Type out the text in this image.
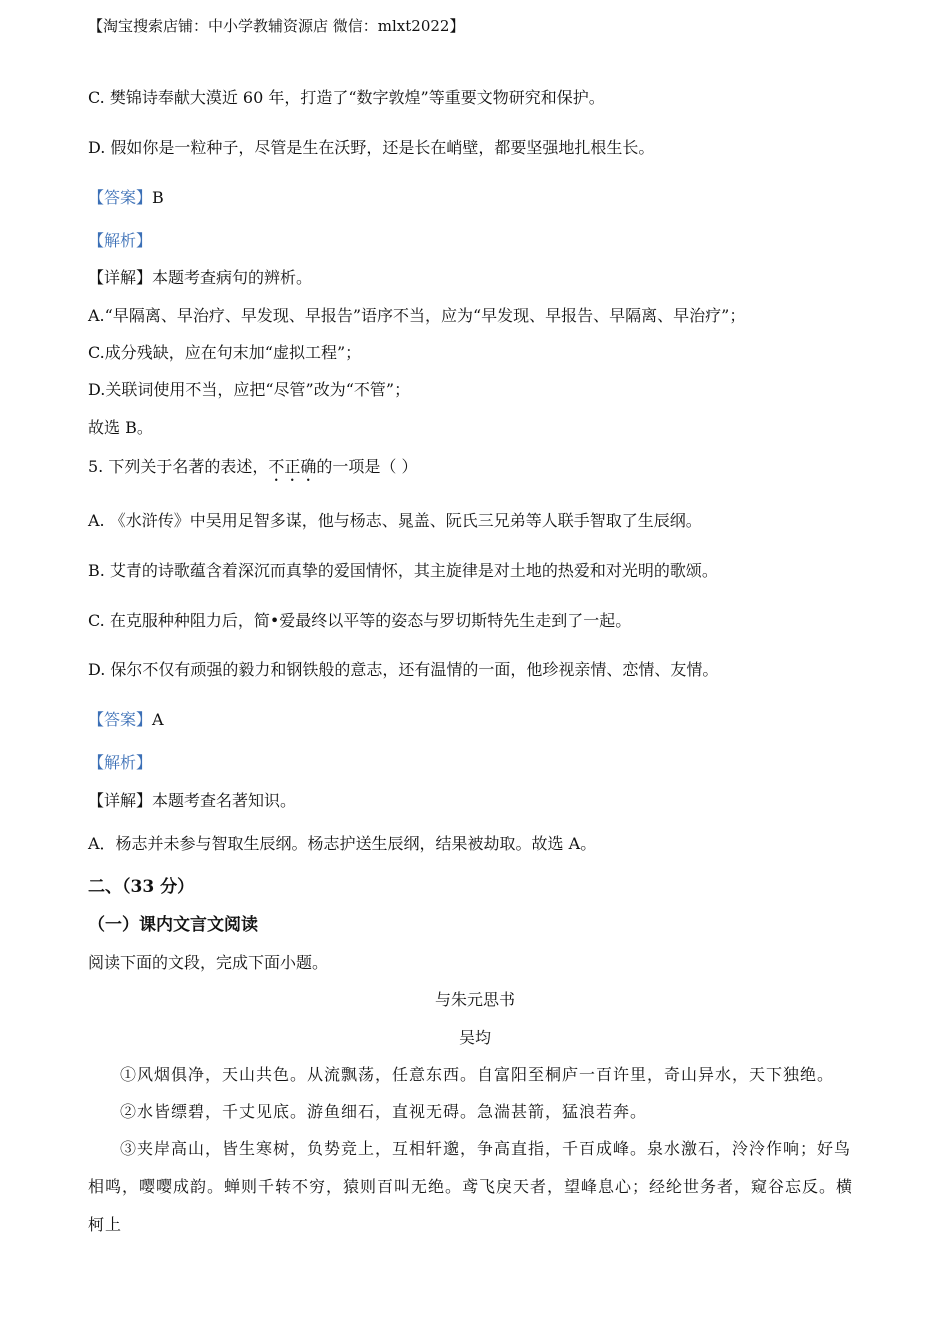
【淘宝搜索店铺：中小学教辅资源店 微信：mlxt2022】
C. 樊锦诗奉献大漠近 60 年，打造了“数字敦煌”等重要文物研究和保护。
D. 假如你是一粒种子，尽管是生在沃野，还是长在峭壁，都要坚强地扎根生长。
【答案】B
【解析】
【详解】本题考查病句的辨析。
A.“早隔离、早治疗、早发现、早报告”语序不当，应为“早发现、早报告、早隔离、早治疗”；
C.成分残缺，应在句末加“虚拟工程”；
D.关联词使用不当，应把“尽管”改为“不管”；
故选 B。
5. 下列关于名著的表述，不正确的一项是（ ）
A. 《水浒传》中吴用足智多谋，他与杨志、晁盖、阮氏三兄弟等人联手智取了生辰纲。
B. 艾青的诗歌蕴含着深沉而真挚的爱国情怀，其主旋律是对土地的热爱和对光明的歌颂。
C. 在克服种种阻力后，简•爱最终以平等的姿态与罗切斯特先生走到了一起。
D. 保尔不仅有顽强的毅力和钢铁般的意志，还有温情的一面，他珍视亲情、恋情、友情。
【答案】A
【解析】
【详解】本题考查名著知识。
A．杨志并未参与智取生辰纲。杨志护送生辰纲，结果被劫取。故选 A。
二、（33 分）
（一）课内文言文阅读
阅读下面的文段，完成下面小题。
与朱元思书
吴均
①风烟俱净，天山共色。从流飘荡，任意东西。自富阳至桐庐一百许里，奇山异水，天下独绝。
②水皆缥碧，千丈见底。游鱼细石，直视无碍。急湍甚箭，猛浪若奔。
③夹岸高山，皆生寒树，负势竞上，互相轩邈，争高直指，千百成峰。泉水激石，泠泠作响；好鸟相鸣，嘤嘤成韵。蝉则千转不穷，猿则百叫无绝。鸢飞戾天者，望峰息心；经纶世务者，窥谷忘反。横柯上
